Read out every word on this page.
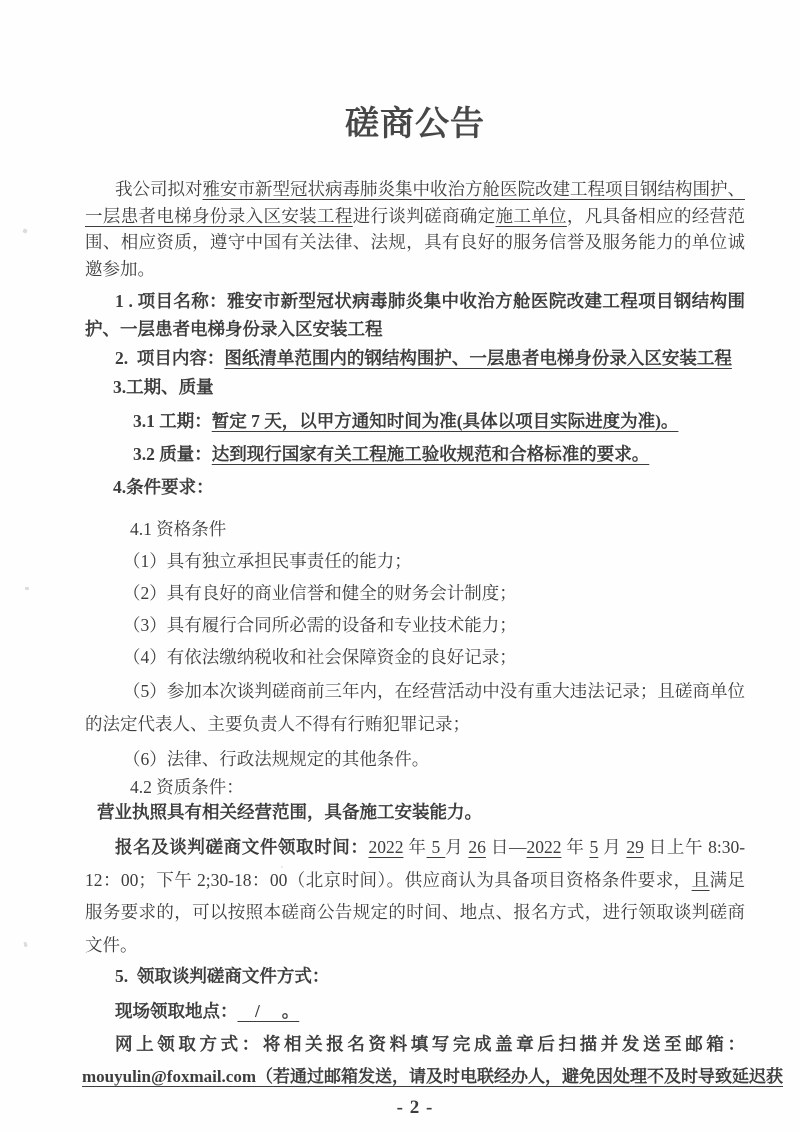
磋商公告

我公司拟对雅安市新型冠状病毒肺炎集中收治方舱医院改建工程项目钢结构围护、一层患者电梯身份录入区安装工程进行谈判磋商确定施工单位，凡具备相应的经营范围、相应资质，遵守中国有关法律、法规，具有良好的服务信誉及服务能力的单位诚邀参加。

1 . 项目名称：雅安市新型冠状病毒肺炎集中收治方舱医院改建工程项目钢结构围护、一层患者电梯身份录入区安装工程

2.  项目内容：图纸清单范围内的钢结构围护、一层患者电梯身份录入区安装工程

3.工期、质量

3.1 工期：暂定 7 天，以甲方通知时间为准(具体以项目实际进度为准)。

3.2 质量：达到现行国家有关工程施工验收规范和合格标准的要求。

4.条件要求：

4.1 资格条件

（1）具有独立承担民事责任的能力；

（2）具有良好的商业信誉和健全的财务会计制度；

（3）具有履行合同所必需的设备和专业技术能力；

（4）有依法缴纳税收和社会保障资金的良好记录；

（5）参加本次谈判磋商前三年内，在经营活动中没有重大违法记录；且磋商单位的法定代表人、主要负责人不得有行贿犯罪记录；

（6）法律、行政法规规定的其他条件。

4.2 资质条件：

营业执照具有相关经营范围，具备施工安装能力。

报名及谈判磋商文件领取时间：2022 年 5 月 26 日—2022 年 5 月 29 日上午 8:30-12：00；下午 2;30-18：00（北京时间）。供应商认为具备项目资格条件要求，且满足服务要求的，可以按照本磋商公告规定的时间、地点、报名方式，进行领取谈判磋商文件。

5.  领取谈判磋商文件方式：

现场领取地点：    /     。

网上领取方式：将相关报名资料填写完成盖章后扫描并发送至邮箱：

mouyulin@foxmail.com（若通过邮箱发送，请及时电联经办人，避免因处理不及时导致延迟获

- 2 -
